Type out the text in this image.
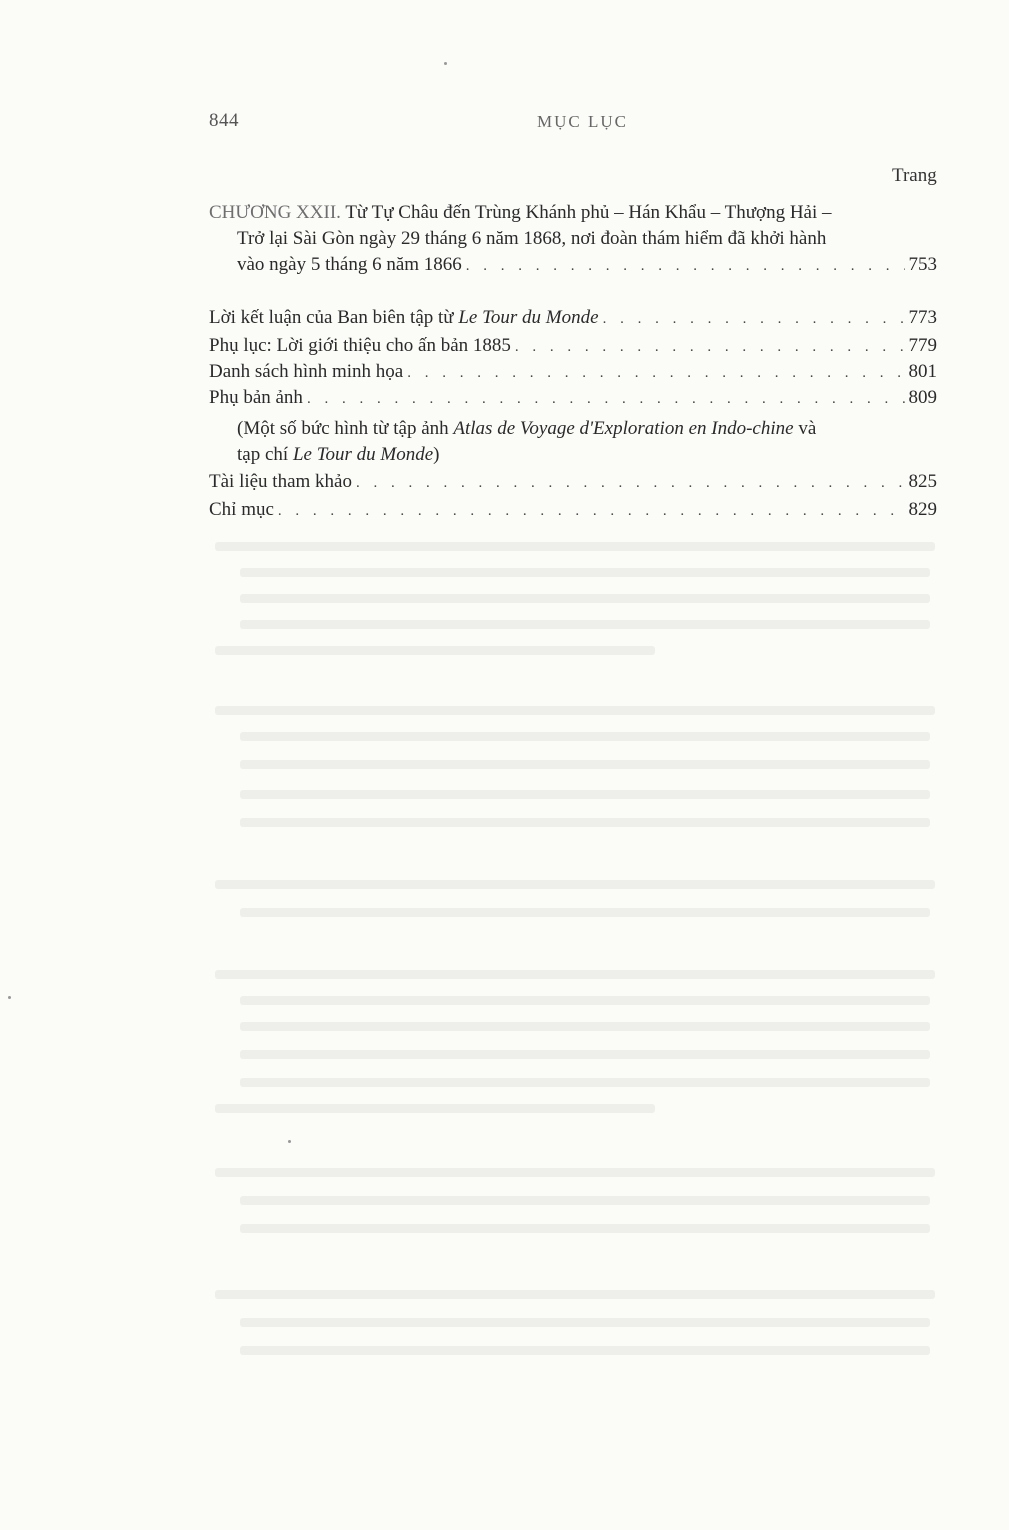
844	MỤC LỤC
Trang
CHƯƠNG XXII. Từ Tự Châu đến Trùng Khánh phủ – Hán Khẩu – Thượng Hải –
Trở lại Sài Gòn ngày 29 tháng 6 năm 1868, nơi đoàn thám hiểm đã khởi hành
vào ngày 5 tháng 6 năm 1866 . . .	753
Lời kết luận của Ban biên tập từ Le Tour du Monde . . .	773
Phụ lục: Lời giới thiệu cho ấn bản 1885 . . .	779
Danh sách hình minh họa . . .	801
Phụ bản ảnh . . .	809
(Một số bức hình từ tập ảnh Atlas de Voyage d'Exploration en Indo-chine và
tạp chí Le Tour du Monde)
Tài liệu tham khảo . . .	825
Chỉ mục . . .	829
